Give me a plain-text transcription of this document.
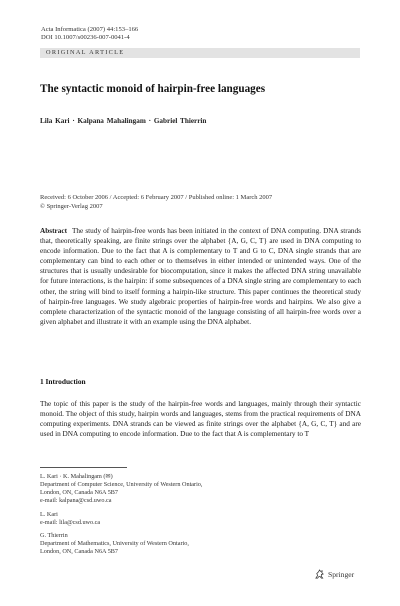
Acta Informatica (2007) 44:153–166
DOI 10.1007/s00236-007-0041-4
ORIGINAL ARTICLE
The syntactic monoid of hairpin-free languages
Lila Kari · Kalpana Mahalingam · Gabriel Thierrin
Received: 6 October 2006 / Accepted: 6 February 2007 / Published online: 1 March 2007
© Springer-Verlag 2007
Abstract The study of hairpin-free words has been initiated in the context of DNA computing. DNA strands that, theoretically speaking, are finite strings over the alphabet {A, G, C, T} are used in DNA computing to encode information. Due to the fact that A is complementary to T and G to C, DNA single strands that are complementary can bind to each other or to themselves in either intended or unintended ways. One of the structures that is usually undesirable for biocomputation, since it makes the affected DNA string unavailable for future interactions, is the hairpin: if some subsequences of a DNA single string are complementary to each other, the string will bind to itself forming a hairpin-like structure. This paper continues the theoretical study of hairpin-free languages. We study algebraic properties of hairpin-free words and hairpins. We also give a complete characterization of the syntactic monoid of the language consisting of all hairpin-free words over a given alphabet and illustrate it with an example using the DNA alphabet.
1 Introduction
The topic of this paper is the study of the hairpin-free words and languages, mainly through their syntactic monoid. The object of this study, hairpin words and languages, stems from the practical requirements of DNA computing experiments. DNA strands can be viewed as finite strings over the alphabet {A, G, C, T} and are used in DNA computing to encode information. Due to the fact that A is complementary to T
L. Kari · K. Mahalingam (✉)
Department of Computer Science, University of Western Ontario,
London, ON, Canada N6A 5B7
e-mail: kalpana@csd.uwo.ca
L. Kari
e-mail: lila@csd.uwo.ca
G. Thierrin
Department of Mathematics, University of Western Ontario,
London, ON, Canada N6A 5B7
Springer
